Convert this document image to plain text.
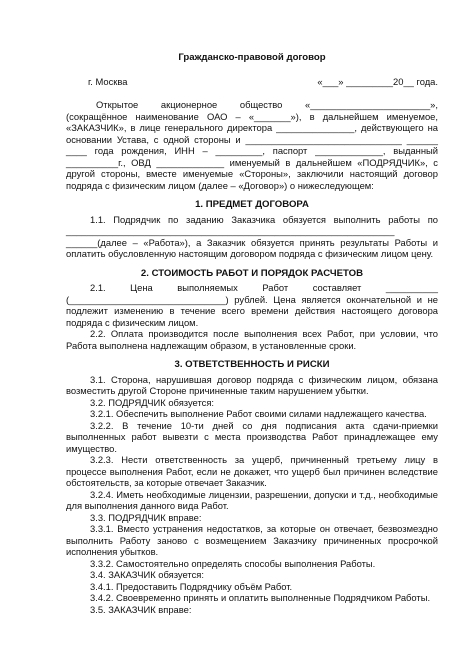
Гражданско-правовой договор
г. Москва	«___» _________20__ года.

Открытое акционерное общество «_______________________», (сокращённое наименование ОАО – «_______»), в дальнейшем именуемое, «ЗАКАЗЧИК», в лице генерального директора _______________, действующего на основании Устава, с одной стороны и ______________________________ ______ ____ года рождения, ИНН – _________, паспорт _____________, выданный __________г., ОВД _____________ именуемый в дальнейшем «ПОДРЯДЧИК», с другой стороны, вместе именуемые «Стороны», заключили настоящий договор подряда с физическим лицом (далее – «Договор») о нижеследующем:

1. ПРЕДМЕТ ДОГОВОРА

1.1. Подрядчик по заданию Заказчика обязуется выполнить работы по _______________________________________________________________ ______(далее – «Работа»), а Заказчик обязуется принять результаты Работы и оплатить обусловленную настоящим договором подряда с физическим лицом цену.

2. СТОИМОСТЬ РАБОТ И ПОРЯДОК РАСЧЕТОВ

2.1. Цена выполняемых Работ составляет __________ (______________________________) рублей. Цена является окончательной и не подлежит изменению в течение всего времени действия настоящего договора подряда с физическим лицом.

2.2. Оплата производится после выполнения всех Работ, при условии, что Работа выполнена надлежащим образом, в установленные сроки.

3. ОТВЕТСТВЕННОСТЬ И РИСКИ

3.1. Сторона, нарушившая договор подряда с физическим лицом, обязана возместить другой Стороне причиненные таким нарушением убытки.

3.2. ПОДРЯДЧИК обязуется:

3.2.1. Обеспечить выполнение Работ своими силами надлежащего качества.

3.2.2. В течение 10-ти дней со дня подписания акта сдачи-приемки выполненных работ вывезти с места производства Работ принадлежащее ему имущество.

3.2.3. Нести ответственность за ущерб, причиненный третьему лицу в процессе выполнения Работ, если не докажет, что ущерб был причинен вследствие обстоятельств, за которые отвечает Заказчик.

3.2.4. Иметь необходимые лицензии, разрешении, допуски и т.д., необходимые для выполнения данного вида Работ.

3.3. ПОДРЯДЧИК вправе:

3.3.1. Вместо устранения недостатков, за которые он отвечает, безвозмездно выполнить Работу заново с возмещением Заказчику причиненных просрочкой исполнения убытков.

3.3.2. Самостоятельно определять способы выполнения Работы.

3.4. ЗАКАЗЧИК обязуется:

3.4.1. Предоставить Подрядчику объём Работ.

3.4.2. Своевременно принять и оплатить выполненные Подрядчиком Работы.

3.5. ЗАКАЗЧИК вправе:
